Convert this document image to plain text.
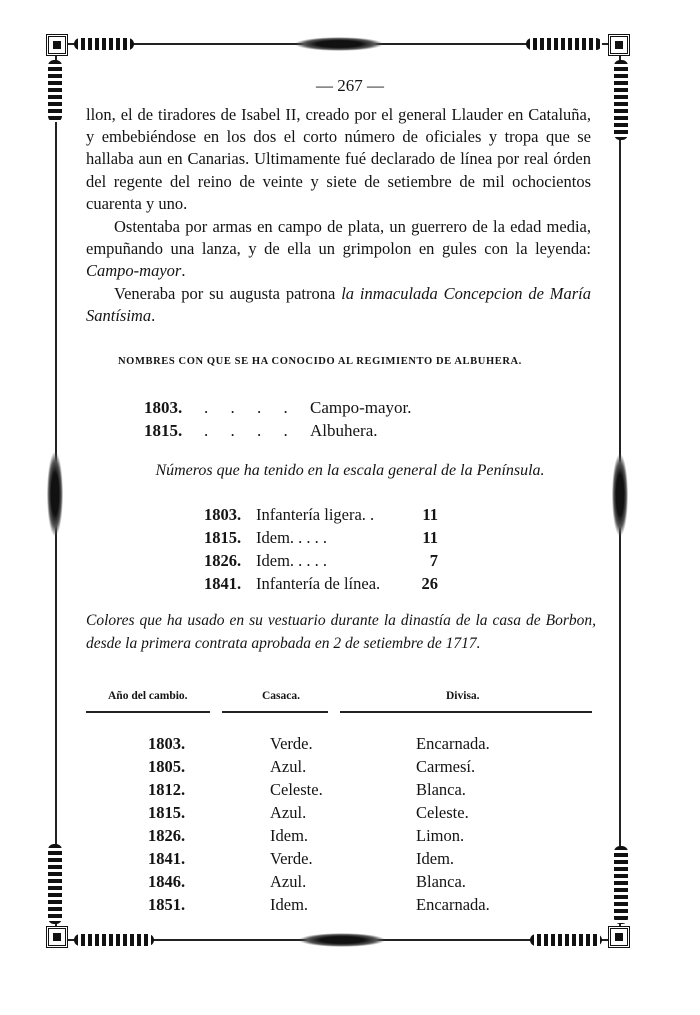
— 267 —

llon, el de tiradores de Isabel II, creado por el general Llauder en Cataluña, y embebiéndose en los dos el corto número de oficiales y tropa que se hallaba aun en Canarias. Ultimamente fué declarado de línea por real órden del regente del reino de veinte y siete de setiembre de mil ochocientos cuarenta y uno.

Ostentaba por armas en campo de plata, un guerrero de la edad media, empuñando una lanza, y de ella un grimpolon en gules con la leyenda: Campo-mayor.

Veneraba por su augusta patrona la inmaculada Concepcion de María Santísima.

NOMBRES CON QUE SE HA CONOCIDO AL REGIMIENTO DE ALBUHERA.
1803. . . . . Campo-mayor.
1815. . . . . Albuhera.
Números que ha tenido en la escala general de la Península.
1803. Infantería ligera. .	11
1815. Idem. . . . .	11
1826. Idem. . . . .	7
1841. Infantería de línea.	26

Colores que ha usado en su vestuario durante la dinastía de la casa de Borbon, desde la primera contrata aprobada en 2 de setiembre de 1717.

Año del cambio.	Casaca.	Divisa.
1803.	Verde.	Encarnada.
1805.	Azul.	Carmesí.
1812.	Celeste.	Blanca.
1815.	Azul.	Celeste.
1826.	Idem.	Limon.
1841.	Verde.	Idem.
1846.	Azul.	Blanca.
1851.	Idem.	Encarnada.
